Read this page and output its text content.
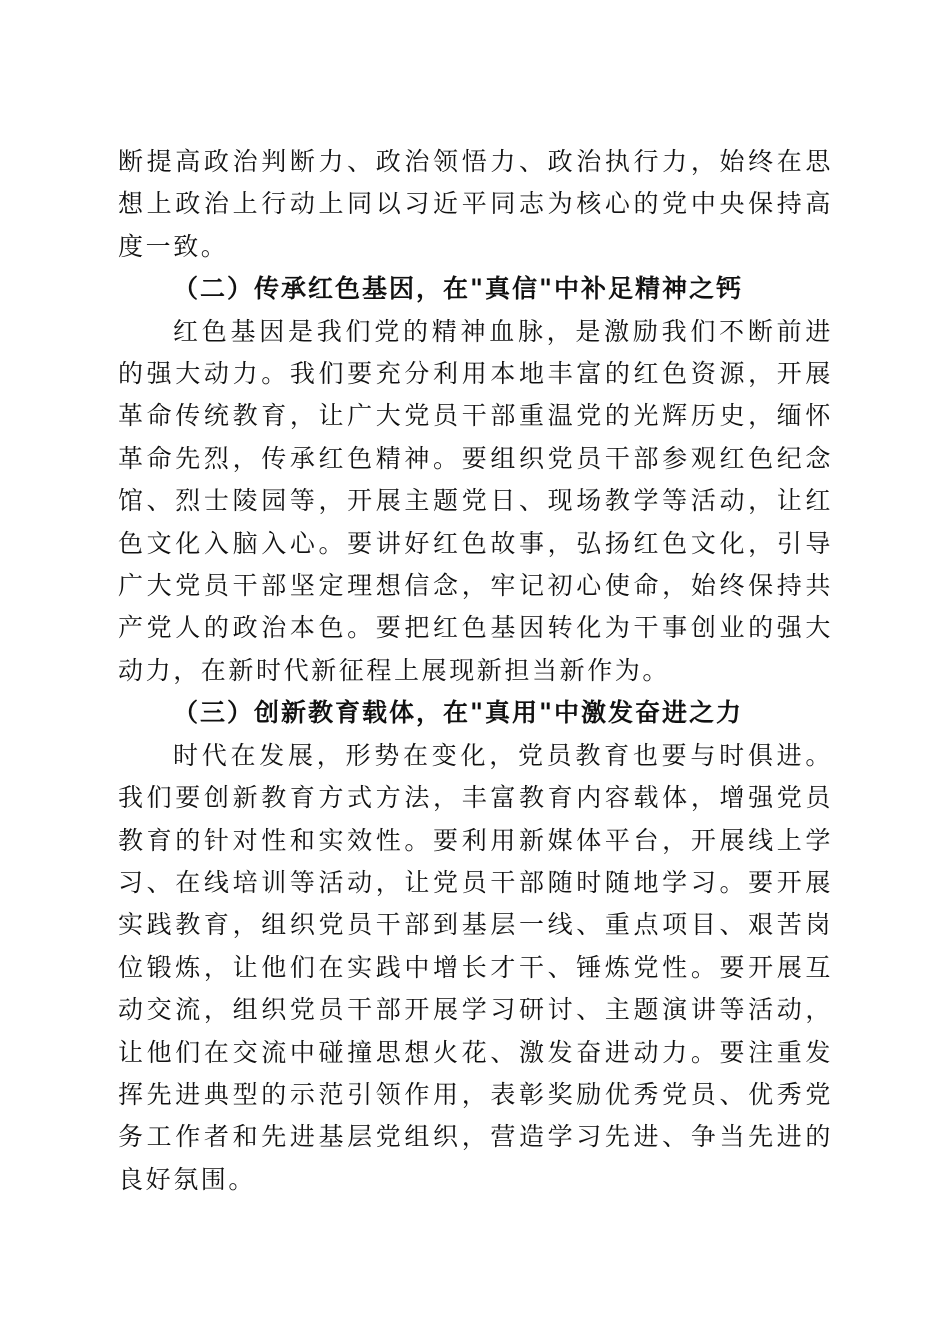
断提高政治判断力、政治领悟力、政治执行力，始终在思想上政治上行动上同以习近平同志为核心的党中央保持高度一致。

（二）传承红色基因，在"真信"中补足精神之钙

红色基因是我们党的精神血脉，是激励我们不断前进的强大动力。我们要充分利用本地丰富的红色资源，开展革命传统教育，让广大党员干部重温党的光辉历史，缅怀革命先烈，传承红色精神。要组织党员干部参观红色纪念馆、烈士陵园等，开展主题党日、现场教学等活动，让红色文化入脑入心。要讲好红色故事，弘扬红色文化，引导广大党员干部坚定理想信念，牢记初心使命，始终保持共产党人的政治本色。要把红色基因转化为干事创业的强大动力，在新时代新征程上展现新担当新作为。

（三）创新教育载体，在"真用"中激发奋进之力

时代在发展，形势在变化，党员教育也要与时俱进。我们要创新教育方式方法，丰富教育内容载体，增强党员教育的针对性和实效性。要利用新媒体平台，开展线上学习、在线培训等活动，让党员干部随时随地学习。要开展实践教育，组织党员干部到基层一线、重点项目、艰苦岗位锻炼，让他们在实践中增长才干、锤炼党性。要开展互动交流，组织党员干部开展学习研讨、主题演讲等活动，让他们在交流中碰撞思想火花、激发奋进动力。要注重发挥先进典型的示范引领作用，表彰奖励优秀党员、优秀党务工作者和先进基层党组织，营造学习先进、争当先进的良好氛围。
